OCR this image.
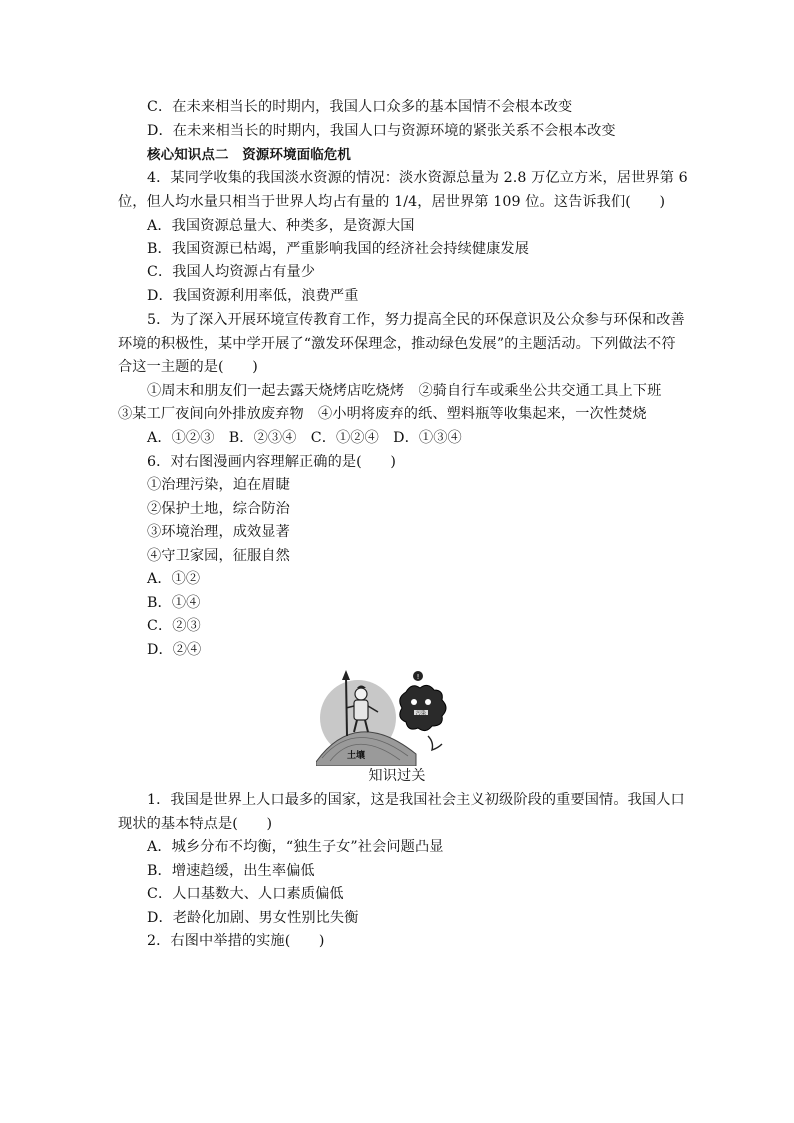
C．在未来相当长的时期内，我国人口众多的基本国情不会根本改变
D．在未来相当长的时期内，我国人口与资源环境的紧张关系不会根本改变
核心知识点二　资源环境面临危机
4．某同学收集的我国淡水资源的情况：淡水资源总量为 2.8 万亿立方米，居世界第 6
位，但人均水量只相当于世界人均占有量的 1/4，居世界第 109 位。这告诉我们(　　)
A．我国资源总量大、种类多，是资源大国
B．我国资源已枯竭，严重影响我国的经济社会持续健康发展
C．我国人均资源占有量少
D．我国资源利用率低，浪费严重
5．为了深入开展环境宣传教育工作，努力提高全民的环保意识及公众参与环保和改善
环境的积极性，某中学开展了“激发环保理念，推动绿色发展”的主题活动。下列做法不符
合这一主题的是(　　)
①周末和朋友们一起去露天烧烤店吃烧烤　②骑自行车或乘坐公共交通工具上下班
③某工厂夜间向外排放废弃物　④小明将废弃的纸、塑料瓶等收集起来，一次性焚烧
A．①②③　B．②③④　C．①②④　D．①③④
6．对右图漫画内容理解正确的是(　　)
①治理污染，迫在眉睫
②保护土地，综合防治
③环境治理，成效显著
④守卫家园，征服自然
A．①②
B．①④
C．②③
D．②④
污染
!
土壤
知识过关
1．我国是世界上人口最多的国家，这是我国社会主义初级阶段的重要国情。我国人口
现状的基本特点是(　　)
A．城乡分布不均衡，“独生子女”社会问题凸显
B．增速趋缓，出生率偏低
C．人口基数大、人口素质偏低
D．老龄化加剧、男女性别比失衡
2．右图中举措的实施(　　)
